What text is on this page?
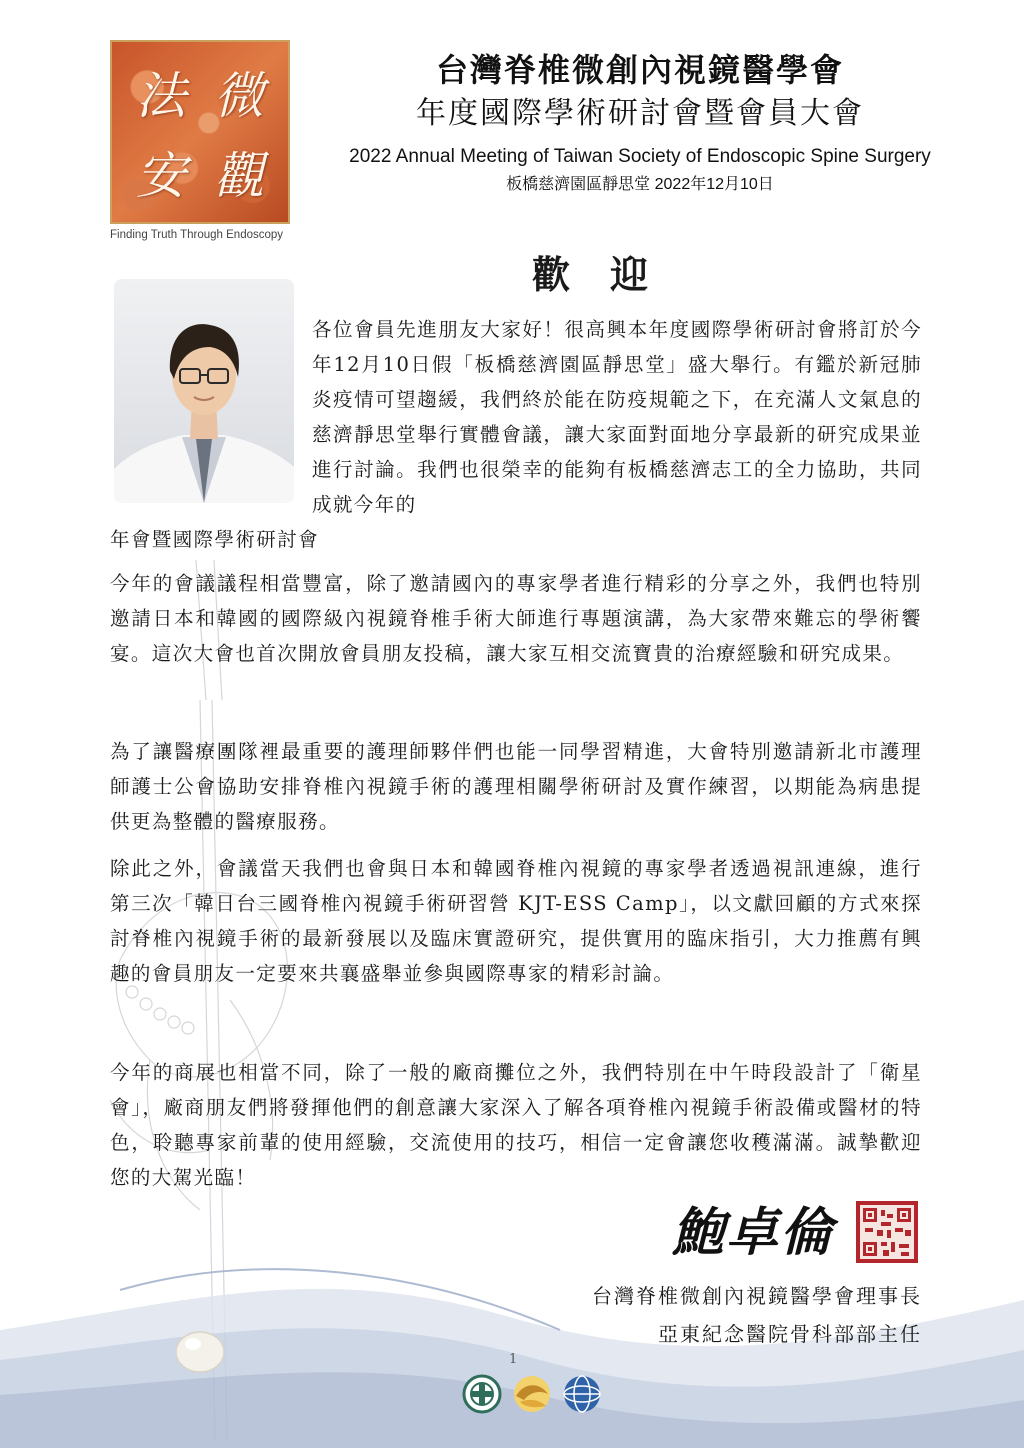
法 微
安 觀
Finding Truth Through Endoscopy
台灣脊椎微創內視鏡醫學會
年度國際學術研討會暨會員大會
2022 Annual Meeting of Taiwan Society of Endoscopic Spine Surgery
板橋慈濟園區靜思堂 2022年12月10日
歡迎
各位會員先進朋友大家好！很高興本年度國際學術研討會將訂於今年12月10日假「板橋慈濟園區靜思堂」盛大舉行。有鑑於新冠肺炎疫情可望趨緩，我們終於能在防疫規範之下，在充滿人文氣息的慈濟靜思堂舉行實體會議，讓大家面對面地分享最新的研究成果並進行討論。我們也很榮幸的能夠有板橋慈濟志工的全力協助，共同成就今年的
年會暨國際學術研討會
今年的會議議程相當豐富，除了邀請國內的專家學者進行精彩的分享之外，我們也特別邀請日本和韓國的國際級內視鏡脊椎手術大師進行專題演講，為大家帶來難忘的學術饗宴。這次大會也首次開放會員朋友投稿，讓大家互相交流寶貴的治療經驗和研究成果。
為了讓醫療團隊裡最重要的護理師夥伴們也能一同學習精進，大會特別邀請新北市護理師護士公會協助安排脊椎內視鏡手術的護理相關學術研討及實作練習，以期能為病患提供更為整體的醫療服務。
除此之外，會議當天我們也會與日本和韓國脊椎內視鏡的專家學者透過視訊連線，進行第三次「韓日台三國脊椎內視鏡手術研習營 KJT-ESS Camp」，以文獻回顧的方式來探討脊椎內視鏡手術的最新發展以及臨床實證研究，提供實用的臨床指引，大力推薦有興趣的會員朋友一定要來共襄盛舉並參與國際專家的精彩討論。
今年的商展也相當不同，除了一般的廠商攤位之外，我們特別在中午時段設計了「衛星會」，廠商朋友們將發揮他們的創意讓大家深入了解各項脊椎內視鏡手術設備或醫材的特色，聆聽專家前輩的使用經驗，交流使用的技巧，相信一定會讓您收穫滿滿。誠摯歡迎您的大駕光臨！
鮑卓倫
台灣脊椎微創內視鏡醫學會理事長
亞東紀念醫院骨科部部主任
1
